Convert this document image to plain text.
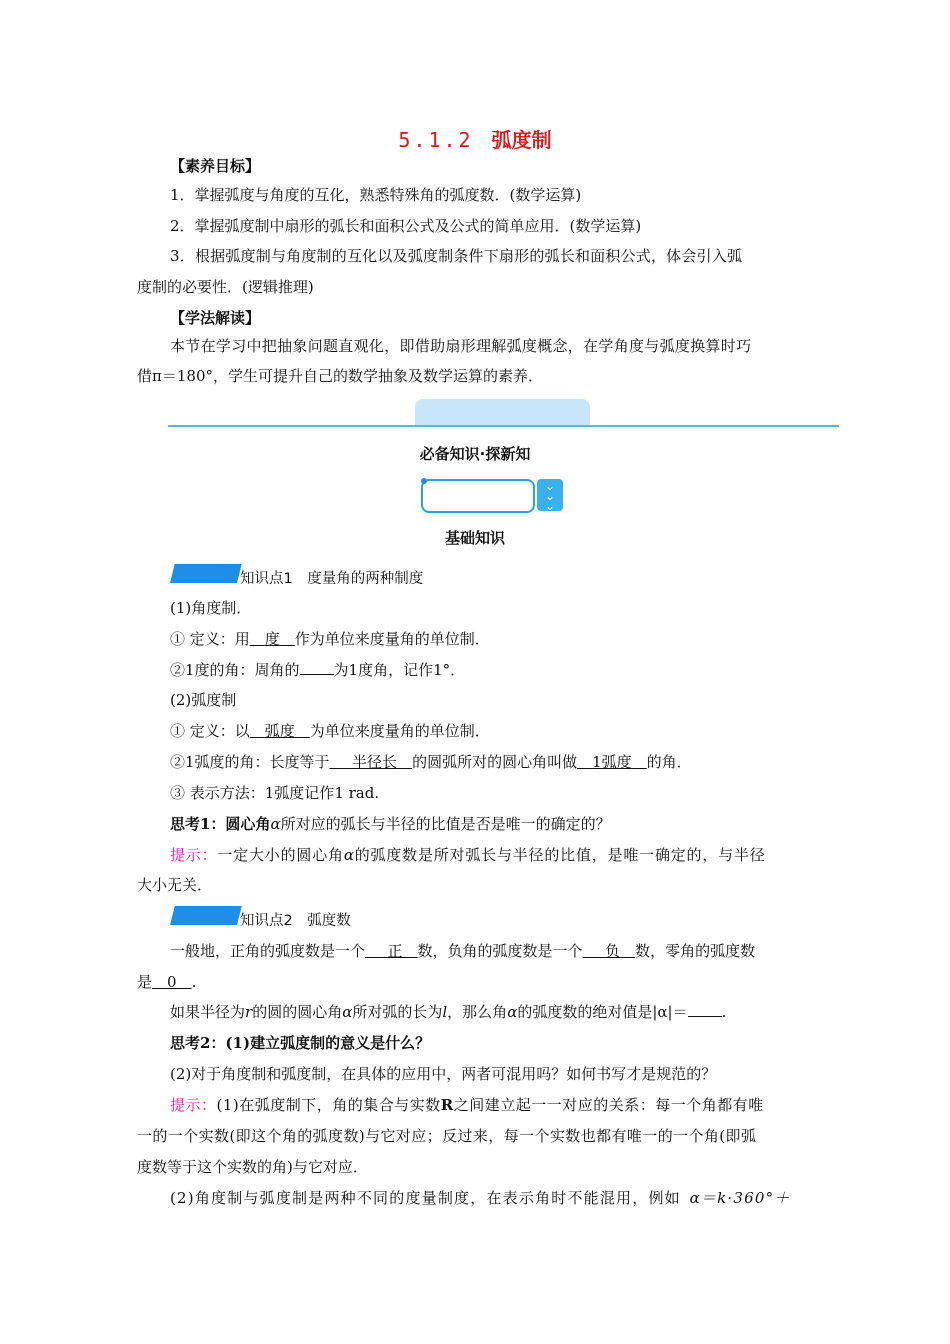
5.1.2 弧度制
【素养目标】
1．掌握弧度与角度的互化，熟悉特殊角的弧度数．(数学运算)
2．掌握弧度制中扇形的弧长和面积公式及公式的简单应用．(数学运算)
3．根据弧度制与角度制的互化以及弧度制条件下扇形的弧长和面积公式，体会引入弧
度制的必要性．(逻辑推理)
【学法解读】
本节在学习中把抽象问题直观化，即借助扇形理解弧度概念，在学角度与弧度换算时巧
借π＝180°，学生可提升自己的数学抽象及数学运算的素养．
必备知识·探新知
⌄
⌄
⌄
基础知识
知识点1　度量角的两种制度
(1)角度制．
① 定义：用  度  作为单位来度量角的单位制．
②1度的角：周角的 为1度角，记作1°．
(2)弧度制
① 定义：以  弧度  为单位来度量角的单位制．
②1弧度的角：长度等于   半径长  的圆弧所对的圆心角叫做  1弧度  的角．
③ 表示方法：1弧度记作1 rad.
思考1：圆心角α所对应的弧长与半径的比值是否是唯一的确定的？
提示：一定大小的圆心角α的弧度数是所对弧长与半径的比值，是唯一确定的，与半径
大小无关．
知识点2　弧度数
一般地，正角的弧度数是一个   正  数，负角的弧度数是一个   负  数，零角的弧度数
是  0  .
如果半径为r的圆的圆心角α所对弧的长为l，那么角α的弧度数的绝对值是|α|＝ .
思考2：(1)建立弧度制的意义是什么？
(2)对于角度制和弧度制，在具体的应用中，两者可混用吗？如何书写才是规范的？
提示：(1)在弧度制下，角的集合与实数R之间建立起一一对应的关系：每一个角都有唯
一的一个实数(即这个角的弧度数)与它对应；反过来，每一个实数也都有唯一的一个角(即弧
度数等于这个实数的角)与它对应．
(2)角度制与弧度制是两种不同的度量制度，在表示角时不能混用，例如  α＝k·360°＋
